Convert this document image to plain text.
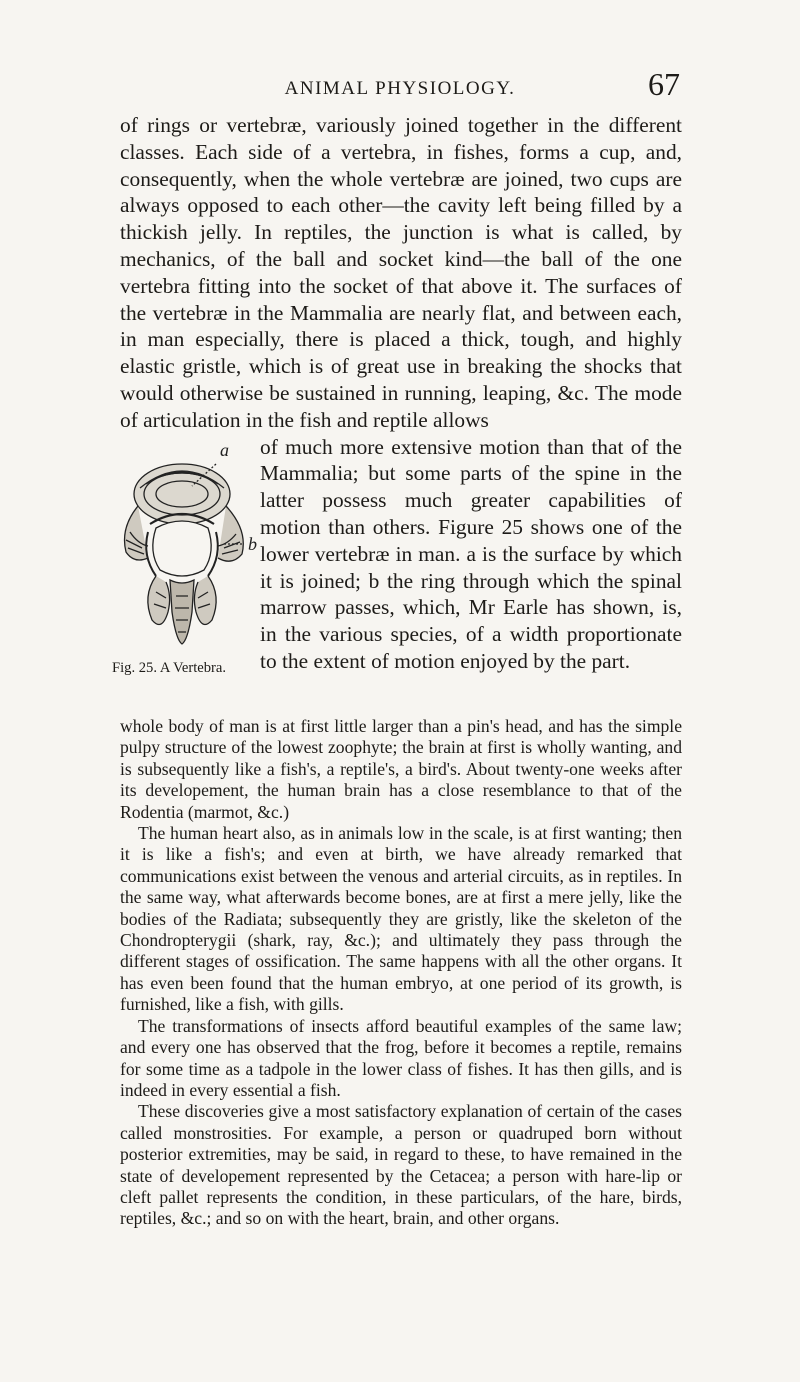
ANIMAL PHYSIOLOGY.	67

of rings or vertebræ, variously joined together in the different classes. Each side of a vertebra, in fishes, forms a cup, and, consequently, when the whole vertebræ are joined, two cups are always opposed to each other—the cavity left being filled by a thickish jelly. In reptiles, the junction is what is called, by mechanics, of the ball and socket kind—the ball of the one vertebra fitting into the socket of that above it. The surfaces of the vertebræ in the Mammalia are nearly flat, and between each, in man especially, there is placed a thick, tough, and highly elastic gristle, which is of great use in breaking the shocks that would otherwise be sustained in running, leaping, &c. The mode of articulation in the fish and reptile allows

a
b
Fig. 25. A Vertebra.

of much more extensive motion than that of the Mammalia; but some parts of the spine in the latter possess much greater capabilities of motion than others. Figure 25 shows one of the lower vertebræ in man. a is the surface by which it is joined; b the ring through which the spinal marrow passes, which, Mr Earle has shown, is, in the various species, of a width proportionate to the extent of motion enjoyed by the part.

whole body of man is at first little larger than a pin's head, and has the simple pulpy structure of the lowest zoophyte; the brain at first is wholly wanting, and is subsequently like a fish's, a reptile's, a bird's. About twenty-one weeks after its developement, the human brain has a close resemblance to that of the Rodentia (marmot, &c.)

The human heart also, as in animals low in the scale, is at first wanting; then it is like a fish's; and even at birth, we have already remarked that communications exist between the venous and arterial circuits, as in reptiles. In the same way, what afterwards become bones, are at first a mere jelly, like the bodies of the Radiata; subsequently they are gristly, like the skeleton of the Chondropterygii (shark, ray, &c.); and ultimately they pass through the different stages of ossification. The same happens with all the other organs. It has even been found that the human embryo, at one period of its growth, is furnished, like a fish, with gills.

The transformations of insects afford beautiful examples of the same law; and every one has observed that the frog, before it becomes a reptile, remains for some time as a tadpole in the lower class of fishes. It has then gills, and is indeed in every essential a fish.

These discoveries give a most satisfactory explanation of certain of the cases called monstrosities. For example, a person or quadruped born without posterior extremities, may be said, in regard to these, to have remained in the state of developement represented by the Cetacea; a person with hare-lip or cleft pallet represents the condition, in these particulars, of the hare, birds, reptiles, &c.; and so on with the heart, brain, and other organs.
